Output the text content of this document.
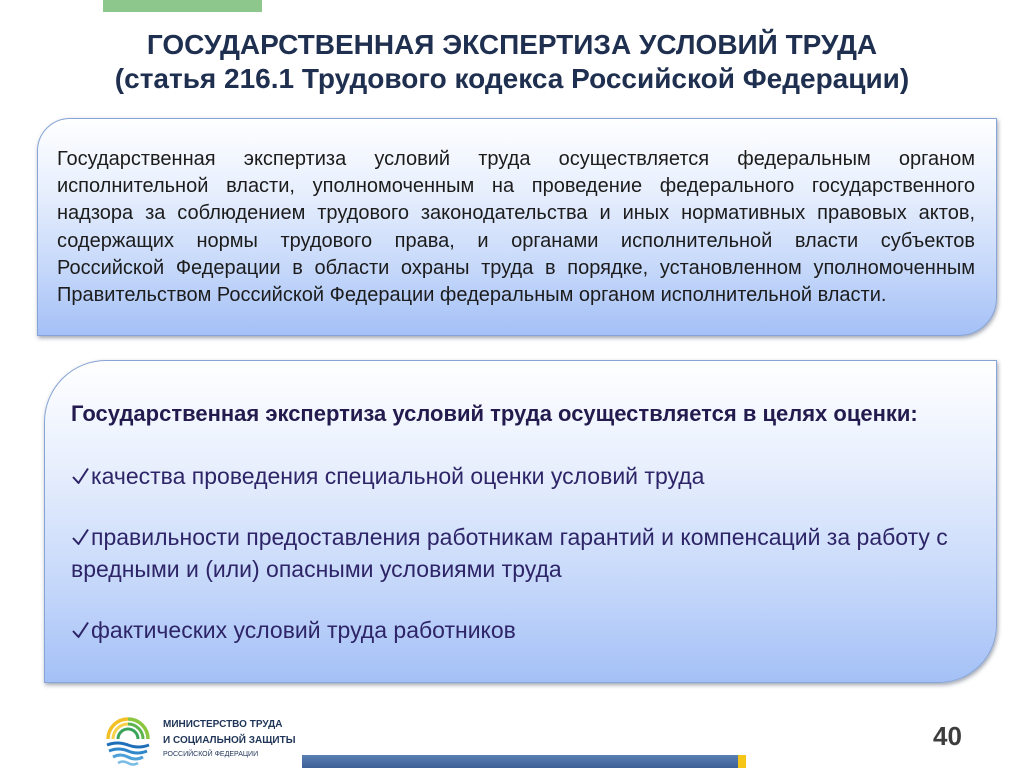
ГОСУДАРСТВЕННАЯ ЭКСПЕРТИЗА УСЛОВИЙ ТРУДА
(статья 216.1 Трудового кодекса Российской Федерации)
Государственная экспертиза условий труда осуществляется федеральным органом
исполнительной власти, уполномоченным на проведение федерального государственного
надзора за соблюдением трудового законодательства и иных нормативных правовых актов,
содержащих нормы трудового права, и органами исполнительной власти субъектов
Российской Федерации в области охраны труда в порядке, установленном уполномоченным
Правительством Российской Федерации федеральным органом исполнительной власти.
Государственная экспертиза условий труда осуществляется в целях оценки:
качества проведения специальной оценки условий труда
правильности предоставления работникам гарантий и компенсаций за работу с вредными и (или) опасными условиями труда
фактических условий труда работников
МИНИСТЕРСТВО ТРУДА
И СОЦИАЛЬНОЙ ЗАЩИТЫ
РОССИЙСКОЙ ФЕДЕРАЦИИ
40
